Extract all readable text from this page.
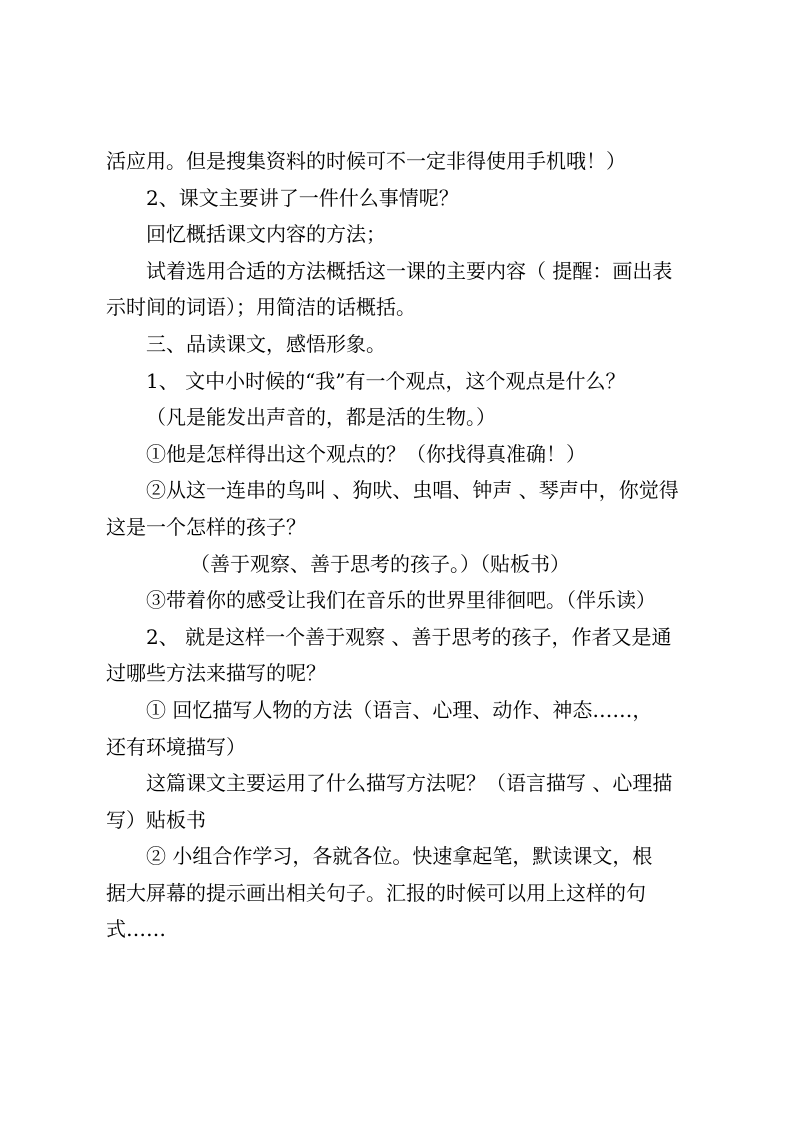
活应用。但是搜集资料的时候可不一定非得使用手机哦！）
2、课文主要讲了一件什么事情呢？
回忆概括课文内容的方法；
试着选用合适的方法概括这一课的主要内容（ 提醒：画出表
示时间的词语）；用简洁的话概括。
三、品读课文，感悟形象。
1、 文中小时候的“我”有一个观点，这个观点是什么？
（凡是能发出声音的，都是活的生物。）
①他是怎样得出这个观点的？（你找得真准确！）
②从这一连串的鸟叫 、狗吠、虫唱、钟声 、琴声中，你觉得
这是一个怎样的孩子？
（善于观察、善于思考的孩子。）（贴板书）
③带着你的感受让我们在音乐的世界里徘徊吧。（伴乐读）
2、 就是这样一个善于观察 、善于思考的孩子，作者又是通
过哪些方法来描写的呢？
① 回忆描写人物的方法（语言、心理、动作、神态……，
还有环境描写）
这篇课文主要运用了什么描写方法呢？（语言描写 、心理描
写）贴板书
② 小组合作学习，各就各位。快速拿起笔，默读课文，根
据大屏幕的提示画出相关句子。汇报的时候可以用上这样的句
式……
